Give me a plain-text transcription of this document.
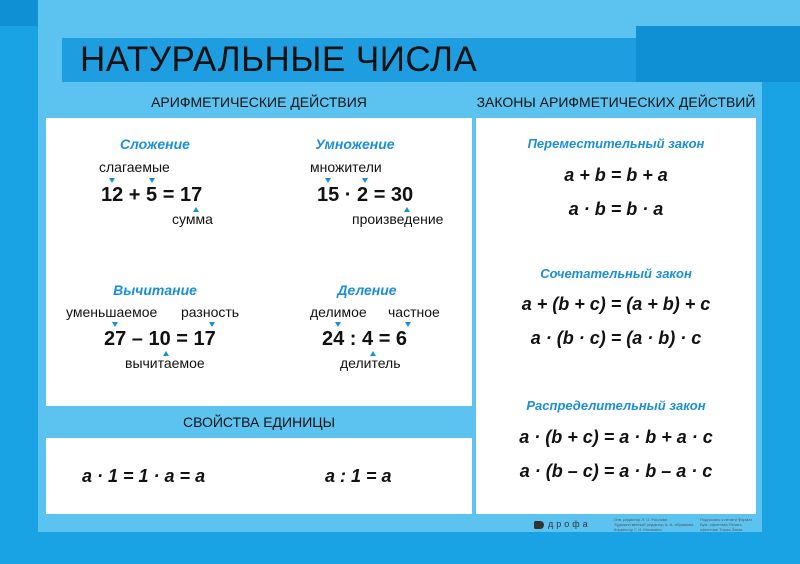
НАТУРАЛЬНЫЕ ЧИСЛА
АРИФМЕТИЧЕСКИЕ ДЕЙСТВИЯ	ЗАКОНЫ АРИФМЕТИЧЕСКИХ ДЕЙСТВИЙ
Сложение
слагаемые
12 + 5 = 17
сумма
Умножение
множители
15 · 2 = 30
произведение
Вычитание
уменьшаемое разность
27 – 10 = 17
вычитаемое
Деление
делимое частное
24 : 4 = 6
делитель
СВОЙСТВА ЕДИНИЦЫ
a · 1 = 1 · a = a	a : 1 = a
Переместительный закон
a + b = b + a
a · b = b · a
Сочетательный закон
a + (b + c) = (a + b) + c
a · (b · c) = (a · b) · c
Распределительный закон
a · (b + c) = a · b + a · c
a · (b – c) = a · b – a · c
дрофа	Отв. редактор Л. О. Рослова Художественный редактор А. А. Абрамова Корректор Г. И. Мосякина
Подписано к печати Формат Бум. офсетная Печать офсетная Тираж Заказ
